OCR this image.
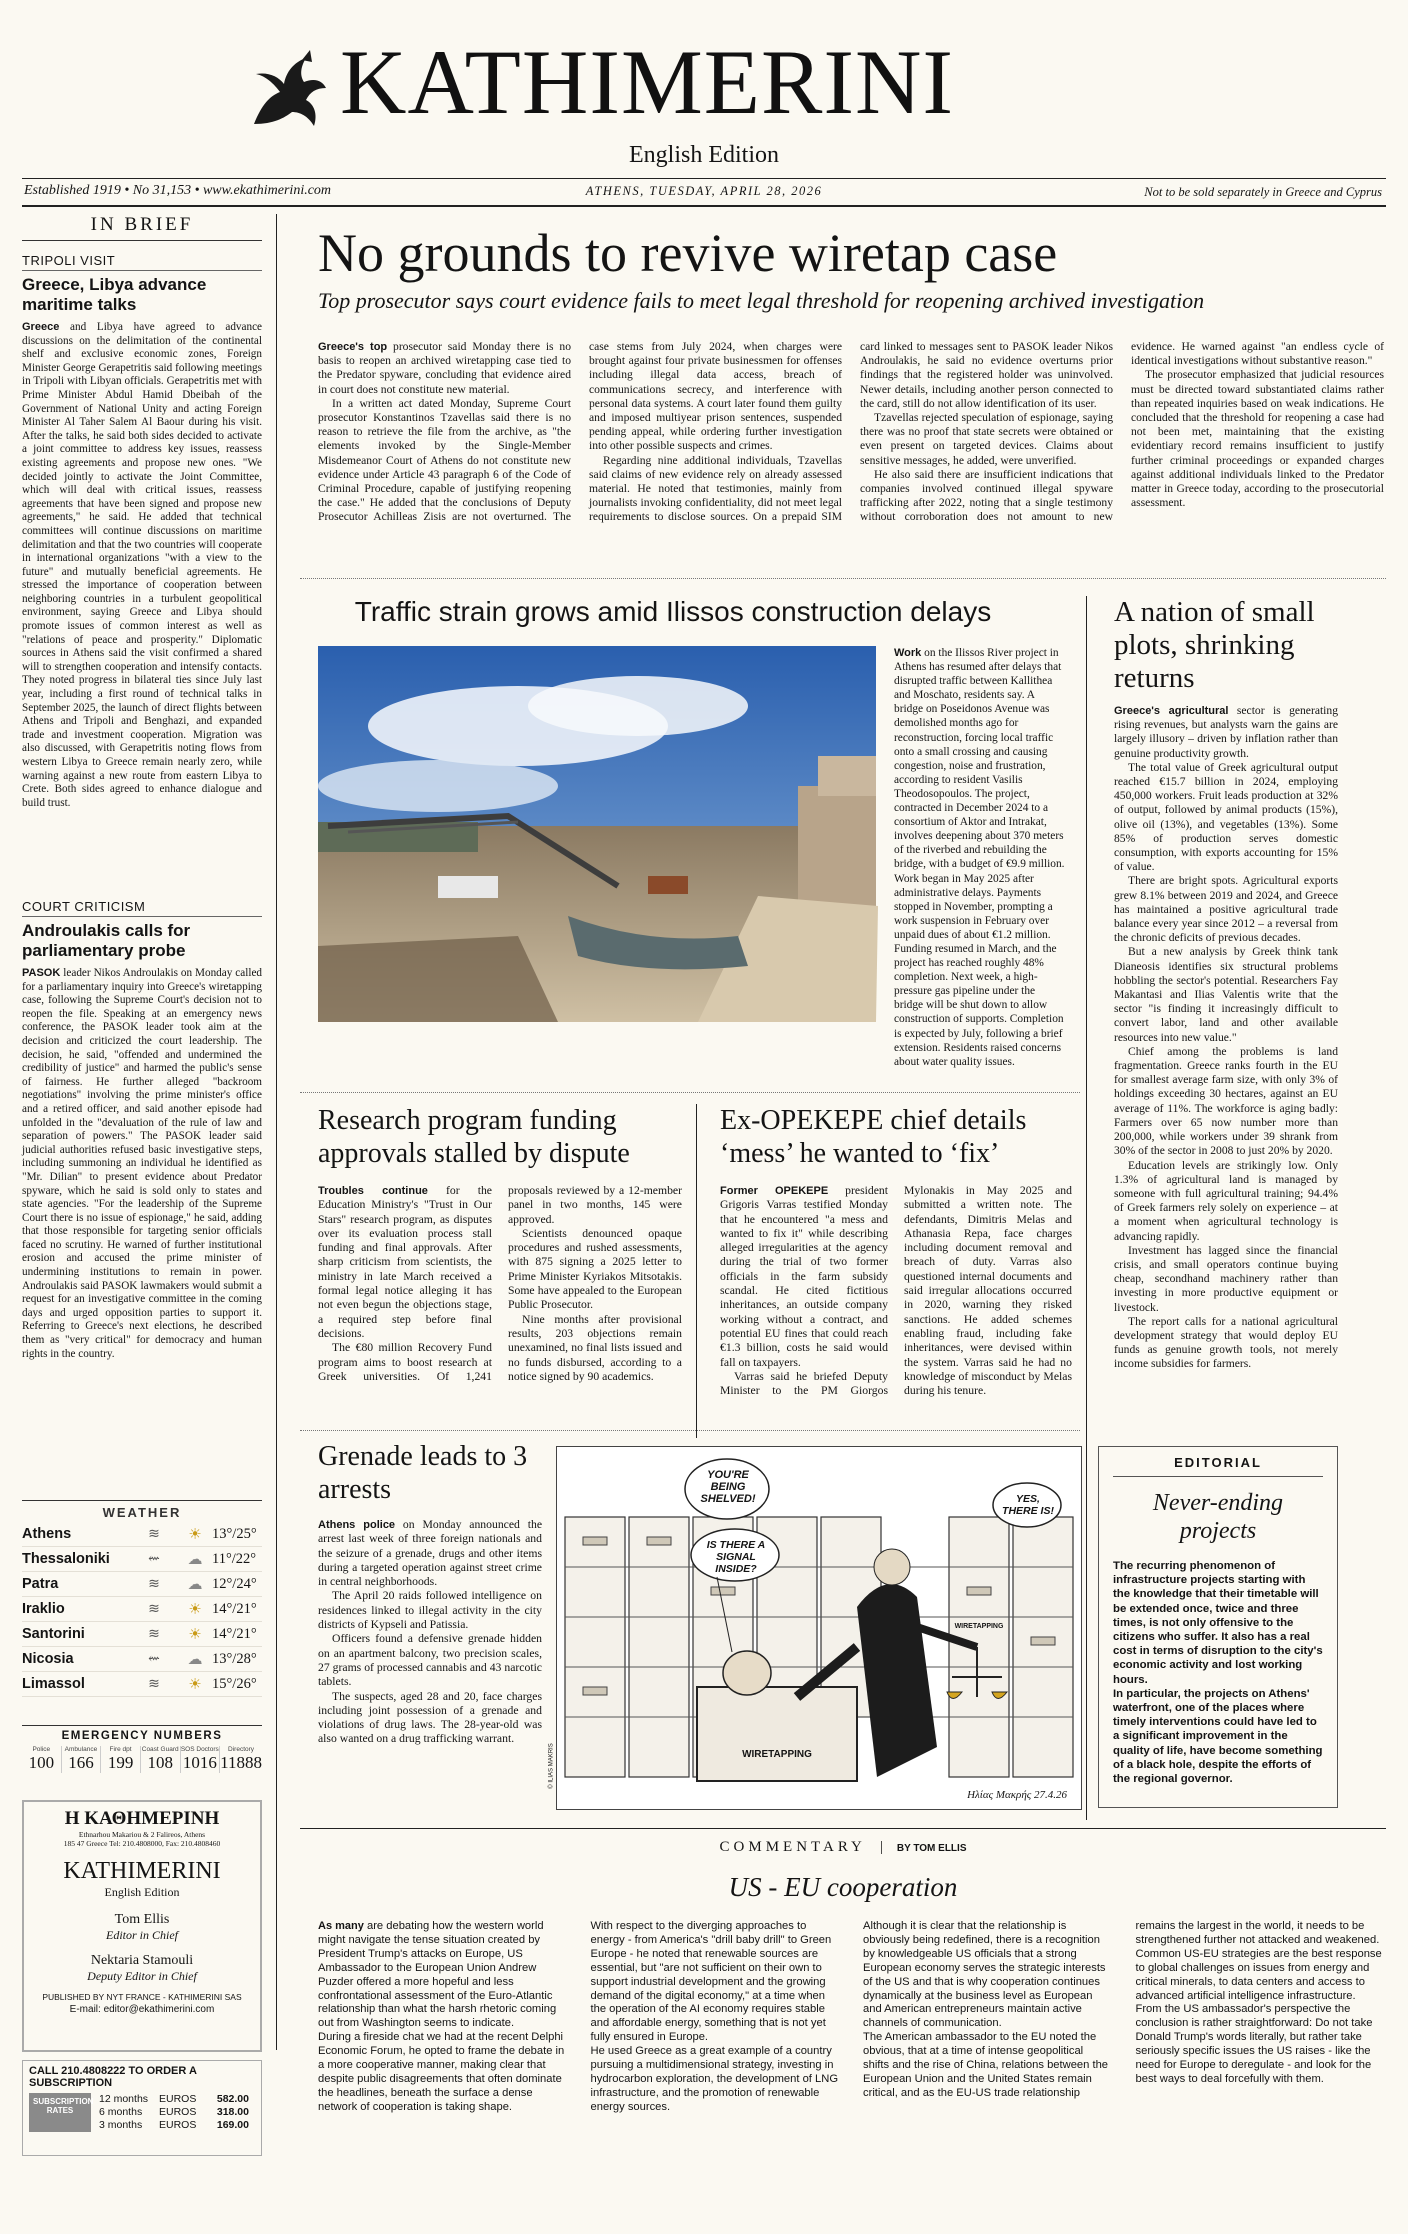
KATHIMERINI
English Edition
Established 1919 • No 31,153 • www.ekathimerini.com	ATHENS, TUESDAY, APRIL 28, 2026	Not to be sold separately in Greece and Cyprus
IN BRIEF
TRIPOLI VISIT
Greece, Libya advance maritime talks
Greece and Libya have agreed to advance discussions on the delimitation of the continental shelf and exclusive economic zones, Foreign Minister George Gerapetritis said following meetings in Tripoli with Libyan officials. Gerapetritis met with Prime Minister Abdul Hamid Dbeibah of the Government of National Unity and acting Foreign Minister Al Taher Salem Al Baour during his visit. After the talks, he said both sides decided to activate a joint committee to address key issues, reassess existing agreements and propose new ones. "We decided jointly to activate the Joint Committee, which will deal with critical issues, reassess agreements that have been signed and propose new agreements," he said. He added that technical committees will continue discussions on maritime delimitation and that the two countries will cooperate in international organizations "with a view to the future" and mutually beneficial agreements. He stressed the importance of cooperation between neighboring countries in a turbulent geopolitical environment, saying Greece and Libya should promote issues of common interest as well as "relations of peace and prosperity." Diplomatic sources in Athens said the visit confirmed a shared will to strengthen cooperation and intensify contacts. They noted progress in bilateral ties since July last year, including a first round of technical talks in September 2025, the launch of direct flights between Athens and Tripoli and Benghazi, and expanded trade and investment cooperation. Migration was also discussed, with Gerapetritis noting flows from western Libya to Greece remain nearly zero, while warning against a new route from eastern Libya to Crete. Both sides agreed to enhance dialogue and build trust.
COURT CRITICISM
Androulakis calls for parliamentary probe
PASOK leader Nikos Androulakis on Monday called for a parliamentary inquiry into Greece's wiretapping case, following the Supreme Court's decision not to reopen the file. Speaking at an emergency news conference, the PASOK leader took aim at the decision and criticized the court leadership. The decision, he said, "offended and undermined the credibility of justice" and harmed the public's sense of fairness. He further alleged "backroom negotiations" involving the prime minister's office and a retired officer, and said another episode had unfolded in the "devaluation of the rule of law and separation of powers." The PASOK leader said judicial authorities refused basic investigative steps, including summoning an individual he identified as "Mr. Dilian" to present evidence about Predator spyware, which he said is sold only to states and state agencies. "For the leadership of the Supreme Court there is no issue of espionage," he said, adding that those responsible for targeting senior officials faced no scrutiny. He warned of further institutional erosion and accused the prime minister of undermining institutions to remain in power. Androulakis said PASOK lawmakers would submit a request for an investigative committee in the coming days and urged opposition parties to support it. Referring to Greece's next elections, he described them as "very critical" for democracy and human rights in the country.
WEATHER
Athens	≋	☀ 13°/25°
Thessaloniki	⇜	☁ 11°/22°
Patra	≋	☁ 12°/24°
Iraklio	≋	☀ 14°/21°
Santorini	≋	☀ 14°/21°
Nicosia	⇜	☁ 13°/28°
Limassol	≋	☀ 15°/26°
EMERGENCY NUMBERS
Police
100
Ambulance
166
Fire dpt
199
Coast Guard
108
SOS Doctors
1016
Directory
11888
Η ΚΑΘΗΜΕΡΙΝΗ
Ethnarhou Makariou & 2 Falireos, Athens
185 47 Greece Tel: 210.4808000, Fax: 210.4808460
KATHIMERINI
English Edition
Tom Ellis
Editor in Chief
Nektaria Stamouli
Deputy Editor in Chief
PUBLISHED BY NYT FRANCE - KATHIMERINI SAS
E-mail: editor@ekathimerini.com
CALL 210.4808222 TO ORDER A SUBSCRIPTION
SUBSCRIPTION RATES
12 months	EUROS	582.00
6 months	EUROS	318.00
3 months	EUROS	169.00
No grounds to revive wiretap case
Top prosecutor says court evidence fails to meet legal threshold for reopening archived investigation

Greece's top prosecutor said Monday there is no basis to reopen an archived wiretapping case tied to the Predator spyware, concluding that evidence aired in court does not constitute new material.

In a written act dated Monday, Supreme Court prosecutor Konstantinos Tzavellas said there is no reason to retrieve the file from the archive, as "the elements invoked by the Single-Member Misdemeanor Court of Athens do not constitute new evidence under Article 43 paragraph 6 of the Code of Criminal Procedure, capable of justifying reopening the case." He added that the conclusions of Deputy Prosecutor Achilleas Zisis are not overturned. The case stems from July 2024, when charges were brought against four private businessmen for offenses including illegal data access, breach of communications secrecy, and interference with personal data systems. A court later found them guilty and imposed multiyear prison sentences, suspended pending appeal, while ordering further investigation into other possible suspects and crimes.

Regarding nine additional individuals, Tzavellas said claims of new evidence rely on already assessed material. He noted that testimonies, mainly from journalists invoking confidentiality, did not meet legal requirements to disclose sources. On a prepaid SIM card linked to messages sent to PASOK leader Nikos Androulakis, he said no evidence overturns prior findings that the registered holder was uninvolved. Newer details, including another person connected to the card, still do not allow identification of its user.

Tzavellas rejected speculation of espionage, saying there was no proof that state secrets were obtained or even present on targeted devices. Claims about sensitive messages, he added, were unverified.

He also said there are insufficient indications that companies involved continued illegal spyware trafficking after 2022, noting that a single testimony without corroboration does not amount to new evidence. He warned against "an endless cycle of identical investigations without substantive reason."

The prosecutor emphasized that judicial resources must be directed toward substantiated claims rather than repeated inquiries based on weak indications. He concluded that the threshold for reopening a case had not been met, maintaining that the existing evidentiary record remains insufficient to justify further criminal proceedings or expanded charges against additional individuals linked to the Predator matter in Greece today, according to the prosecutorial assessment.

Traffic strain grows amid Ilissos construction delays
Work on the Ilissos River project in Athens has resumed after delays that disrupted traffic between Kallithea and Moschato, residents say. A bridge on Poseidonos Avenue was demolished months ago for reconstruction, forcing local traffic onto a small crossing and causing congestion, noise and frustration, according to resident Vasilis Theodosopoulos. The project, contracted in December 2024 to a consortium of Aktor and Intrakat, involves deepening about 370 meters of the riverbed and rebuilding the bridge, with a budget of €9.9 million. Work began in May 2025 after administrative delays. Payments stopped in November, prompting a work suspension in February over unpaid dues of about €1.2 million. Funding resumed in March, and the project has reached roughly 48% completion. Next week, a high-pressure gas pipeline under the bridge will be shut down to allow construction of supports. Completion is expected by July, following a brief extension. Residents raised concerns about water quality issues.
A nation of small plots, shrinking returns

Greece's agricultural sector is generating rising revenues, but analysts warn the gains are largely illusory – driven by inflation rather than genuine productivity growth.

The total value of Greek agricultural output reached €15.7 billion in 2024, employing 450,000 workers. Fruit leads production at 32% of output, followed by animal products (15%), olive oil (13%), and vegetables (13%). Some 85% of production serves domestic consumption, with exports accounting for 15% of value.

There are bright spots. Agricultural exports grew 8.1% between 2019 and 2024, and Greece has maintained a positive agricultural trade balance every year since 2012 – a reversal from the chronic deficits of previous decades.

But a new analysis by Greek think tank Dianeosis identifies six structural problems hobbling the sector's potential. Researchers Fay Makantasi and Ilias Valentis write that the sector "is finding it increasingly difficult to convert labor, land and other available resources into new value."

Chief among the problems is land fragmentation. Greece ranks fourth in the EU for smallest average farm size, with only 3% of holdings exceeding 30 hectares, against an EU average of 11%. The workforce is aging badly: Farmers over 65 now number more than 200,000, while workers under 39 shrank from 30% of the sector in 2008 to just 20% by 2020.

Education levels are strikingly low. Only 1.3% of agricultural land is managed by someone with full agricultural training; 94.4% of Greek farmers rely solely on experience – at a moment when agricultural technology is advancing rapidly.

Investment has lagged since the financial crisis, and small operators continue buying cheap, secondhand machinery rather than investing in more productive equipment or livestock.

The report calls for a national agricultural development strategy that would deploy EU funds as genuine growth tools, not merely income subsidies for farmers.

Research program funding approvals stalled by dispute

Troubles continue for the Education Ministry's "Trust in Our Stars" research program, as disputes over its evaluation process stall funding and final approvals. After sharp criticism from scientists, the ministry in late March received a formal legal notice alleging it has not even begun the objections stage, a required step before final decisions.

The €80 million Recovery Fund program aims to boost research at Greek universities. Of 1,241 proposals reviewed by a 12-member panel in two months, 145 were approved.

Scientists denounced opaque procedures and rushed assessments, with 875 signing a 2025 letter to Prime Minister Kyriakos Mitsotakis. Some have appealed to the European Public Prosecutor.

Nine months after provisional results, 203 objections remain unexamined, no final lists issued and no funds disbursed, according to a notice signed by 90 academics.

Ex-OPEKEPE chief details ‘mess’ he wanted to ‘fix’

Former OPEKEPE president Grigoris Varras testified Monday that he encountered "a mess and wanted to fix it" while describing alleged irregularities at the agency during the trial of two former officials in the farm subsidy scandal. He cited fictitious inheritances, an outside company working without a contract, and potential EU fines that could reach €1.3 billion, costs he said would fall on taxpayers.

Varras said he briefed Deputy Minister to the PM Giorgos Mylonakis in May 2025 and submitted a written note. The defendants, Dimitris Melas and Athanasia Repa, face charges including document removal and breach of duty. Varras also questioned internal documents and said irregular allocations occurred in 2020, warning they risked sanctions. He added schemes enabling fraud, including fake inheritances, were devised within the system. Varras said he had no knowledge of misconduct by Melas during his tenure.

Grenade leads to 3 arrests

Athens police on Monday announced the arrest last week of three foreign nationals and the seizure of a grenade, drugs and other items during a targeted operation against street crime in central neighborhoods.

The April 20 raids followed intelligence on residences linked to illegal activity in the city districts of Kypseli and Patissia.

Officers found a defensive grenade hidden on an apartment balcony, two precision scales, 27 grams of processed cannabis and 43 narcotic tablets.

The suspects, aged 28 and 20, face charges including joint possession of a grenade and violations of drug laws. The 28-year-old was also wanted on a drug trafficking warrant.

YOU'RE BEING SHELVED!
IS THERE A SIGNAL INSIDE?
YES, THERE IS!
WIRETAPPING
WIRETAPPING
Ηλίας Μακρής 27.4.26
© ILIAS MAKRIS
EDITORIAL
Never-ending projects

The recurring phenomenon of infrastructure projects starting with the knowledge that their timetable will be extended once, twice and three times, is not only offensive to the citizens who suffer. It also has a real cost in terms of disruption to the city's economic activity and lost working hours.

In particular, the projects on Athens' waterfront, one of the places where timely interventions could have led to a significant improvement in the quality of life, have become something of a black hole, despite the efforts of the regional governor.

COMMENTARY | BY TOM ELLIS
US - EU cooperation

As many are debating how the western world might navigate the tense situation created by President Trump's attacks on Europe, US Ambassador to the European Union Andrew Puzder offered a more hopeful and less confrontational assessment of the Euro-Atlantic relationship than what the harsh rhetoric coming out from Washington seems to indicate.

During a fireside chat we had at the recent Delphi Economic Forum, he opted to frame the debate in a more cooperative manner, making clear that despite public disagreements that often dominate the headlines, beneath the surface a dense network of cooperation is taking shape.

With respect to the diverging approaches to energy - from America's "drill baby drill" to Green Europe - he noted that renewable sources are essential, but "are not sufficient on their own to support industrial development and the growing demand of the digital economy," at a time when the operation of the AI economy requires stable and affordable energy, something that is not yet fully ensured in Europe.

He used Greece as a great example of a country pursuing a multidimensional strategy, investing in hydrocarbon exploration, the development of LNG infrastructure, and the promotion of renewable energy sources.

Although it is clear that the relationship is obviously being redefined, there is a recognition by knowledgeable US officials that a strong European economy serves the strategic interests of the US and that is why cooperation continues dynamically at the business level as European and American entrepreneurs maintain active channels of communication.

The American ambassador to the EU noted the obvious, that at a time of intense geopolitical shifts and the rise of China, relations between the European Union and the United States remain critical, and as the EU-US trade relationship remains the largest in the world, it needs to be strengthened further not attacked and weakened.

Common US-EU strategies are the best response to global challenges on issues from energy and critical minerals, to data centers and access to advanced artificial intelligence infrastructure.

From the US ambassador's perspective the conclusion is rather straightforward: Do not take Donald Trump's words literally, but rather take seriously specific issues the US raises - like the need for Europe to deregulate - and look for the best ways to deal forcefully with them.
